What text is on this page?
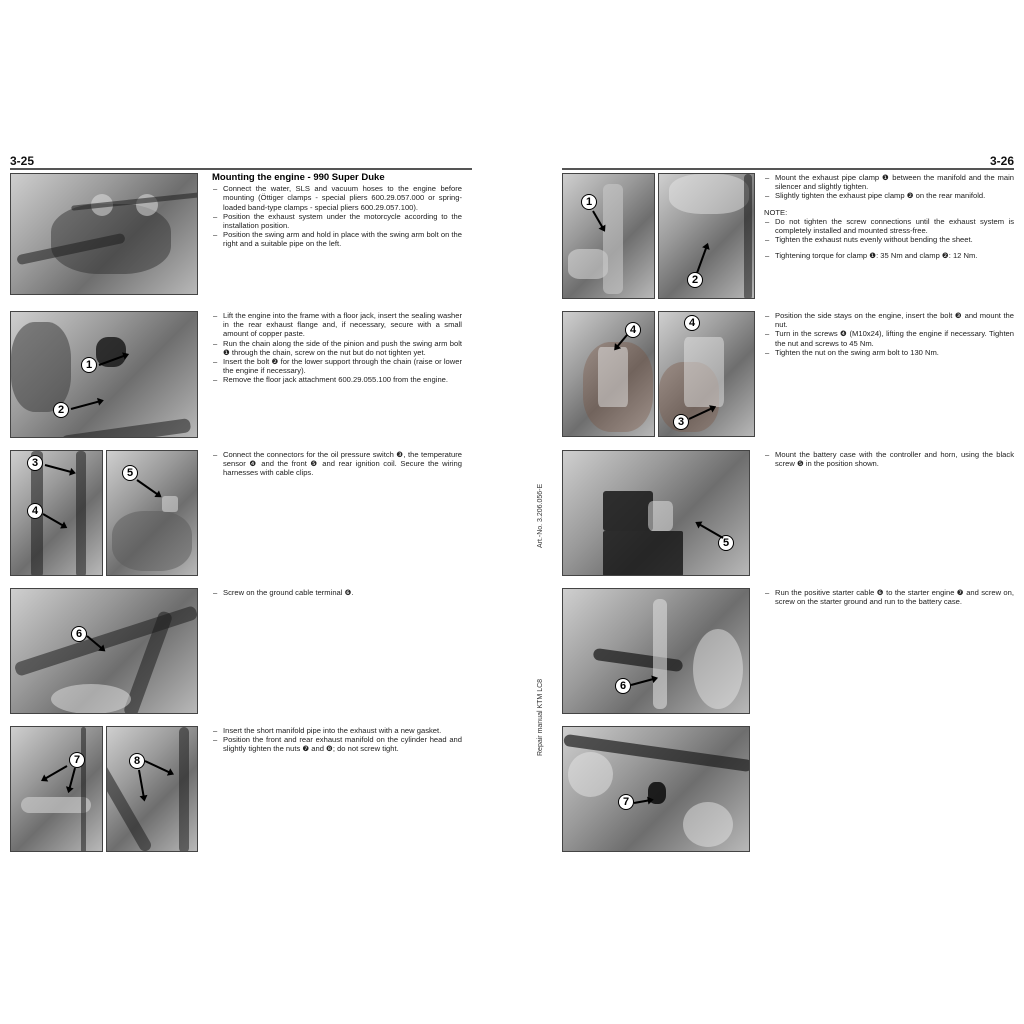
3-25
Mounting the engine - 990 Super Duke
– Connect the water, SLS and vacuum hoses to the engine before mounting (Öttiger clamps - special pliers 600.29.057.000 or spring-loaded band-type clamps - special pliers 600.29.057.100).
– Position the exhaust system under the motorcycle according to the installation position.
– Position the swing arm and hold in place with the swing arm bolt on the right and a suitable pipe on the left.
1
2
– Lift the engine into the frame with a floor jack, insert the sealing washer in the rear exhaust flange and, if necessary, secure with a small amount of copper paste.
– Run the chain along the side of the pinion and push the swing arm bolt ❶ through the chain, screw on the nut but do not tighten yet.
– Insert the bolt ❷ for the lower support through the chain (raise or lower the engine if necessary).
– Remove the floor jack attachment 600.29.055.100 from the engine.
3
4
5
– Connect the connectors for the oil pressure switch ❸, the temperature sensor ❹ and the front ❺ and rear ignition coil. Secure the wiring harnesses with cable clips.
6
– Screw on the ground cable terminal ❻.
7	8
– Insert the short manifold pipe into the exhaust with a new gasket.
– Position the front and rear exhaust manifold on the cylinder head and slightly tighten the nuts ❼ and ❽; do not screw tight.
Art.-No. 3.206.056-E
Repair manual KTM LC8
3-26
1
2
– Mount the exhaust pipe clamp ❶ between the manifold and the main silencer and slightly tighten.
– Slightly tighten the exhaust pipe clamp ❷ on the rear manifold.
NOTE:
– Do not tighten the screw connections until the exhaust system is completely installed and mounted stress-free.
– Tighten the exhaust nuts evenly without bending the sheet.
– Tightening torque for clamp ❶: 35 Nm and clamp ❷: 12 Nm.
4
4
3
– Position the side stays on the engine, insert the bolt ❸ and mount the nut.
– Turn in the screws ❹ (M10x24), lifting the engine if necessary. Tighten the nut and screws to 45 Nm.
– Tighten the nut on the swing arm bolt to 130 Nm.
5
– Mount the battery case with the controller and horn, using the black screw ❺ in the position shown.
6
– Run the positive starter cable ❻ to the starter engine ❼ and screw on, screw on the starter ground and run to the battery case.
7
